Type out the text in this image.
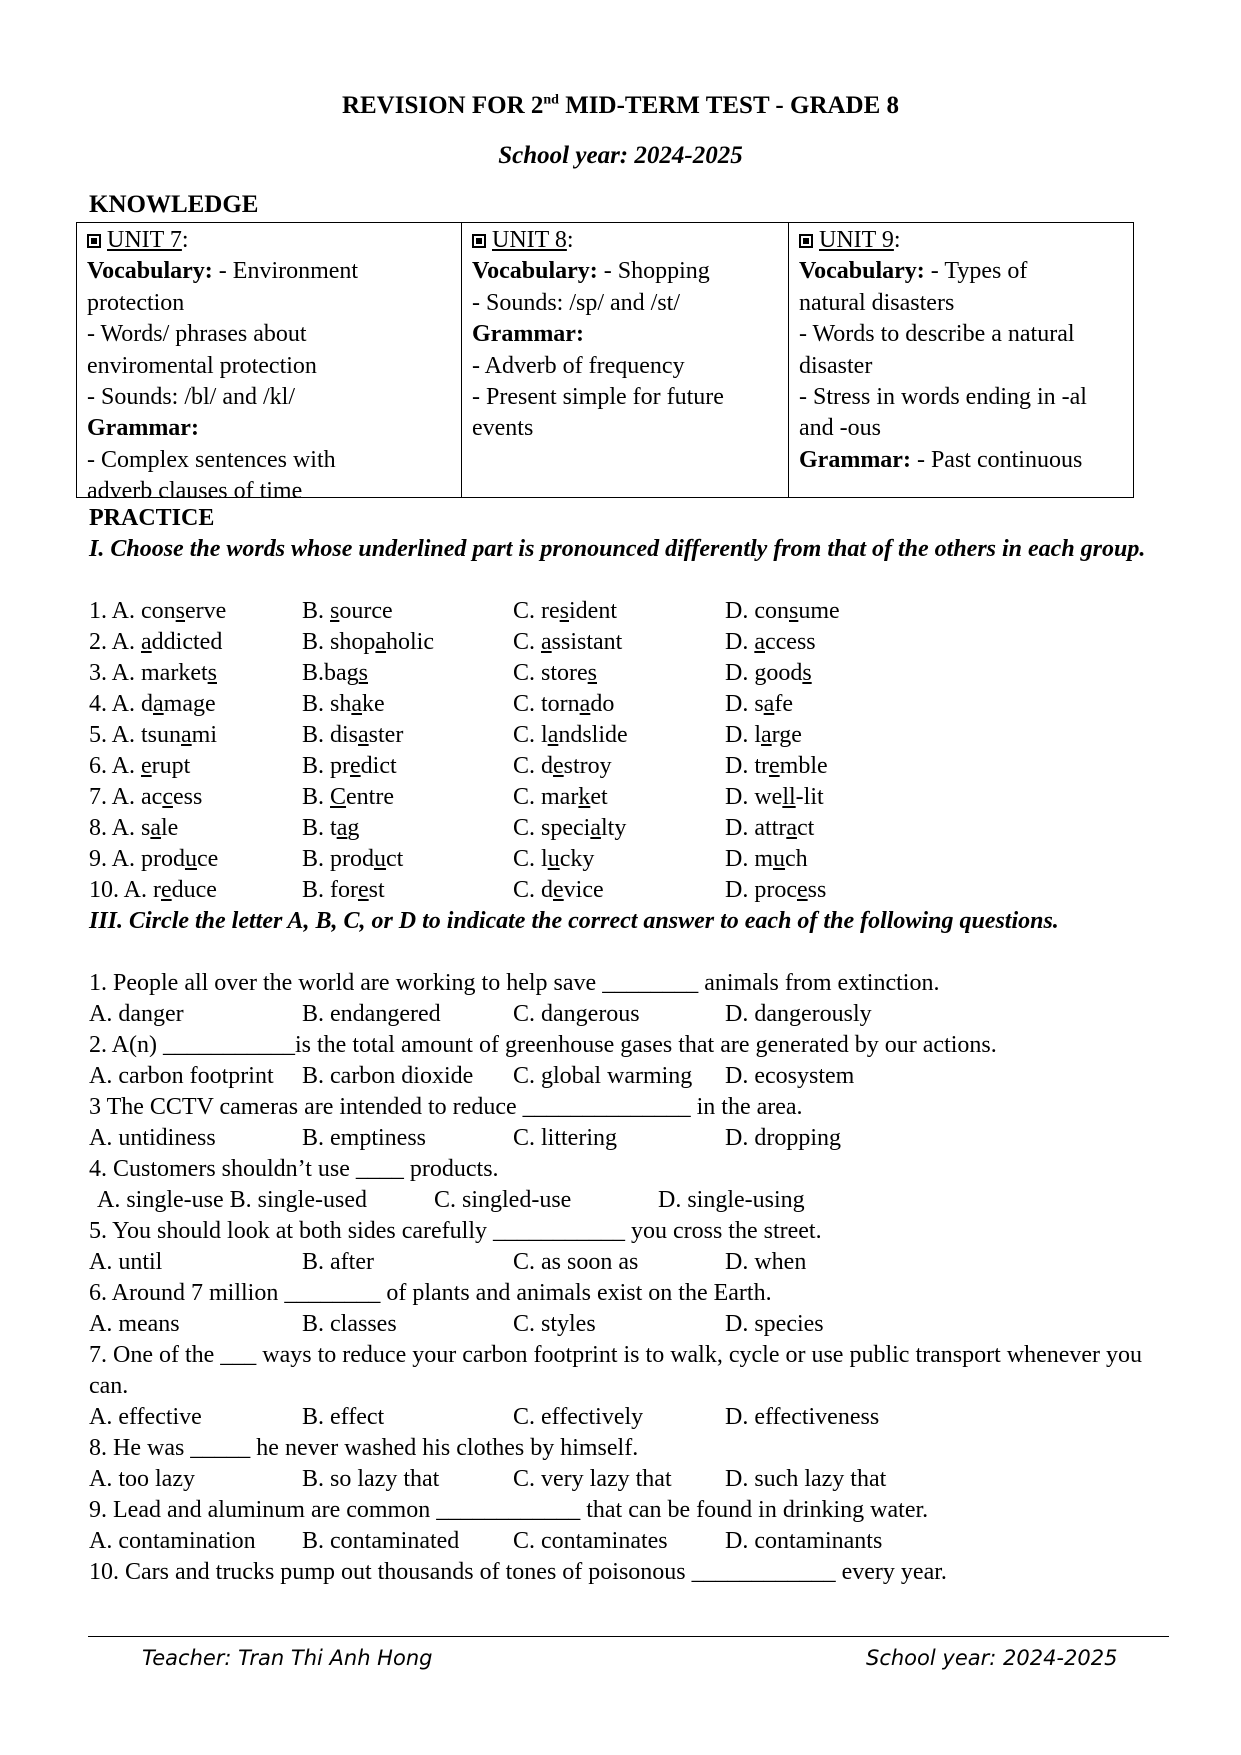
REVISION FOR 2nd MID-TERM TEST - GRADE 8
School year: 2024-2025
KNOWLEDGE
UNIT 7:
Vocabulary: - Environment
protection
- Words/ phrases about
enviromental protection
- Sounds: /bl/ and /kl/
Grammar:
- Complex sentences with
adverb clauses of time
UNIT 8:
Vocabulary: - Shopping
- Sounds: /sp/ and /st/
Grammar:
- Adverb of frequency
- Present simple for future
events
UNIT 9:
Vocabulary: - Types of
natural disasters
- Words to describe a natural
disaster
- Stress in words ending in -al
and -ous
Grammar: - Past continuous
PRACTICE
I. Choose the words whose underlined part is pronounced differently from that of the others in each group.
1. A. conserve	B. source	C. resident	D. consume
2. A. addicted	B. shopaholic	C. assistant	D. access
3. A. markets	B.bags	C. stores	D. goods
4. A. damage	B. shake	C. tornado	D. safe
5. A. tsunami	B. disaster	C. landslide	D. large
6. A. erupt	B. predict	C. destroy	D. tremble
7. A. access	B. Centre	C. market	D. well-lit
8. A. sale	B. tag	C. specialty	D. attract
9. A. produce	B. product	C. lucky	D. much
10. A. reduce	B. forest	C. device	D. process
III. Circle the letter A, B, C, or D to indicate the correct answer to each of the following questions.
1. People all over the world are working to help save ________ animals from extinction.
A. danger	B. endangered	C. dangerous	D. dangerously
2. A(n) ___________is the total amount of greenhouse gases that are generated by our actions.
A. carbon footprint B. carbon dioxide C. global warming D. ecosystem
3 The CCTV cameras are intended to reduce ______________ in the area.
A. untidiness	B. emptiness	C. littering	D. dropping
4. Customers shouldn’t use ____ products.
A. single-use B. single-used	C. singled-use	D. single-using
5. You should look at both sides carefully ___________ you cross the street.
A. until	B. after	C. as soon as	D. when
6. Around 7 million ________ of plants and animals exist on the Earth.
A. means	B. classes	C. styles	D. species
7. One of the ___ ways to reduce your carbon footprint is to walk, cycle or use public transport whenever you can.
A. effective	B. effect	C. effectively	D. effectiveness
8. He was _____ he never washed his clothes by himself.
A. too lazy	B. so lazy that	C. very lazy that D. such lazy that
9. Lead and aluminum are common ____________ that can be found in drinking water.
A. contamination B. contaminated C. contaminates D. contaminants
10. Cars and trucks pump out thousands of tones of poisonous ____________ every year.
Teacher: Tran Thi Anh Hong	School year: 2024-2025
